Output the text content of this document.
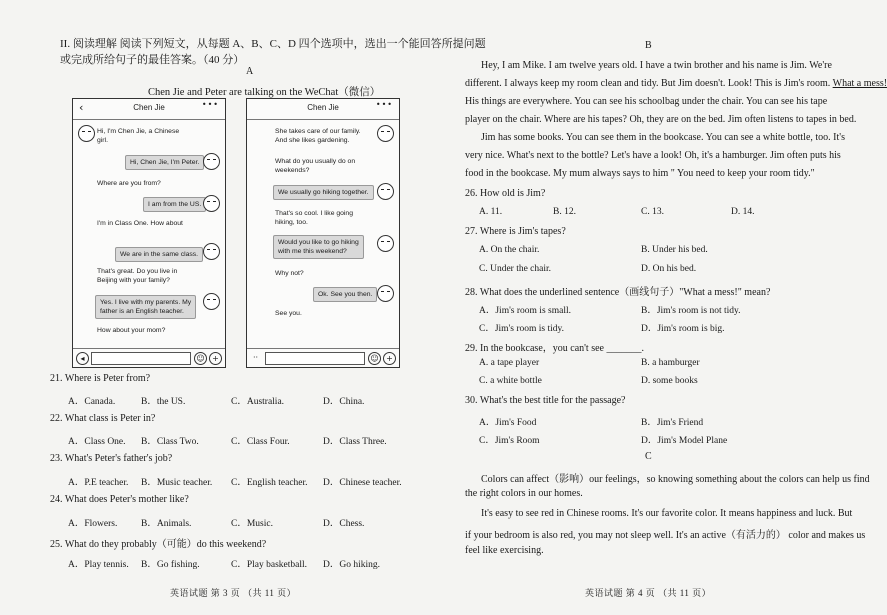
II. 阅读理解 阅读下列短文，从每题 A、B、C、D 四个选项中，选出一个能回答所提问题
或完成所给句子的最佳答案。（40 分）
A
Chen Jie and Peter are talking on the WeChat（微信）
‹	Chen Jie	•••
Hi, I'm Chen Jie, a Chinese
girl.
Hi, Chen Jie, I'm Peter.
Where are you from?
I am from the US.
I'm in Class One. How about
We are in the same class.
That's great. Do you live in
Beijing with your family?
Yes. I live with my parents. My
father is an English teacher.
How about your mom?
◂	☺ +
Chen Jie	•••
She takes care of our family.
And she likes gardening.
What do you usually do on
weekends?
We usually go hiking together.
That's so cool. I like going
hiking, too.
Would you like to go hiking
with me this weekend?
Why not?
Ok. See you then.
See you.
··	☺ +
21. Where is Peter from?
A．Canada.	B．the US.	C．Australia.	D．China.
22. What class is Peter in?
A．Class One. B．Class Two.	C．Class Four.	D．Class Three.
23. What's Peter's father's job?
A．P.E teacher. B．Music teacher. C．English teacher. D．Chinese teacher.
24. What does Peter's mother like?
A．Flowers. B．Animals.	C．Music.	D．Chess.
25. What do they probably（可能）do this weekend?
A．Play tennis. B．Go fishing.	C．Play basketball. D．Go hiking.
英语试题 第 3 页 （共 11 页）
B
Hey, I am Mike. I am twelve years old. I have a twin brother and his name is Jim. We're
different. I always keep my room clean and tidy. But Jim doesn't. Look! This is Jim's room. What a mess!
His things are everywhere. You can see his schoolbag under the chair. You can see his tape
player on the chair. Where are his tapes? Oh, they are on the bed. Jim often listens to tapes in bed.
Jim has some books. You can see them in the bookcase. You can see a white bottle, too. It's
very nice. What's next to the bottle? Let's have a look! Oh, it's a hamburger. Jim often puts his
food in the bookcase. My mum always says to him " You need to keep your room tidy."
26. How old is Jim?
A. 11.	B. 12.	C. 13.	D. 14.
27. Where is Jim's tapes?
A. On the chair.	B. Under his bed.
C. Under the chair.	D. On his bed.
28. What does the underlined sentence（画线句子）"What a mess!" mean?
A．Jim's room is small.	B．Jim's room is not tidy.
C．Jim's room is tidy.	D．Jim's room is big.
29. In the bookcase，you can't see _______.
A. a tape player	B. a hamburger
C. a white bottle	D. some books
30. What's the best title for the passage?
A．Jim's Food	B．Jim's Friend
C．Jim's Room	D．Jim's Model Plane
C
Colors can affect（影响）our feelings，so knowing something about the colors can help us find
the right colors in our homes.
It's easy to see red in Chinese rooms. It's our favorite color. It means happiness and luck. But
if your bedroom is also red, you may not sleep well. It's an active（有活力的） color and makes us
feel like exercising.
英语试题 第 4 页 （共 11 页）
